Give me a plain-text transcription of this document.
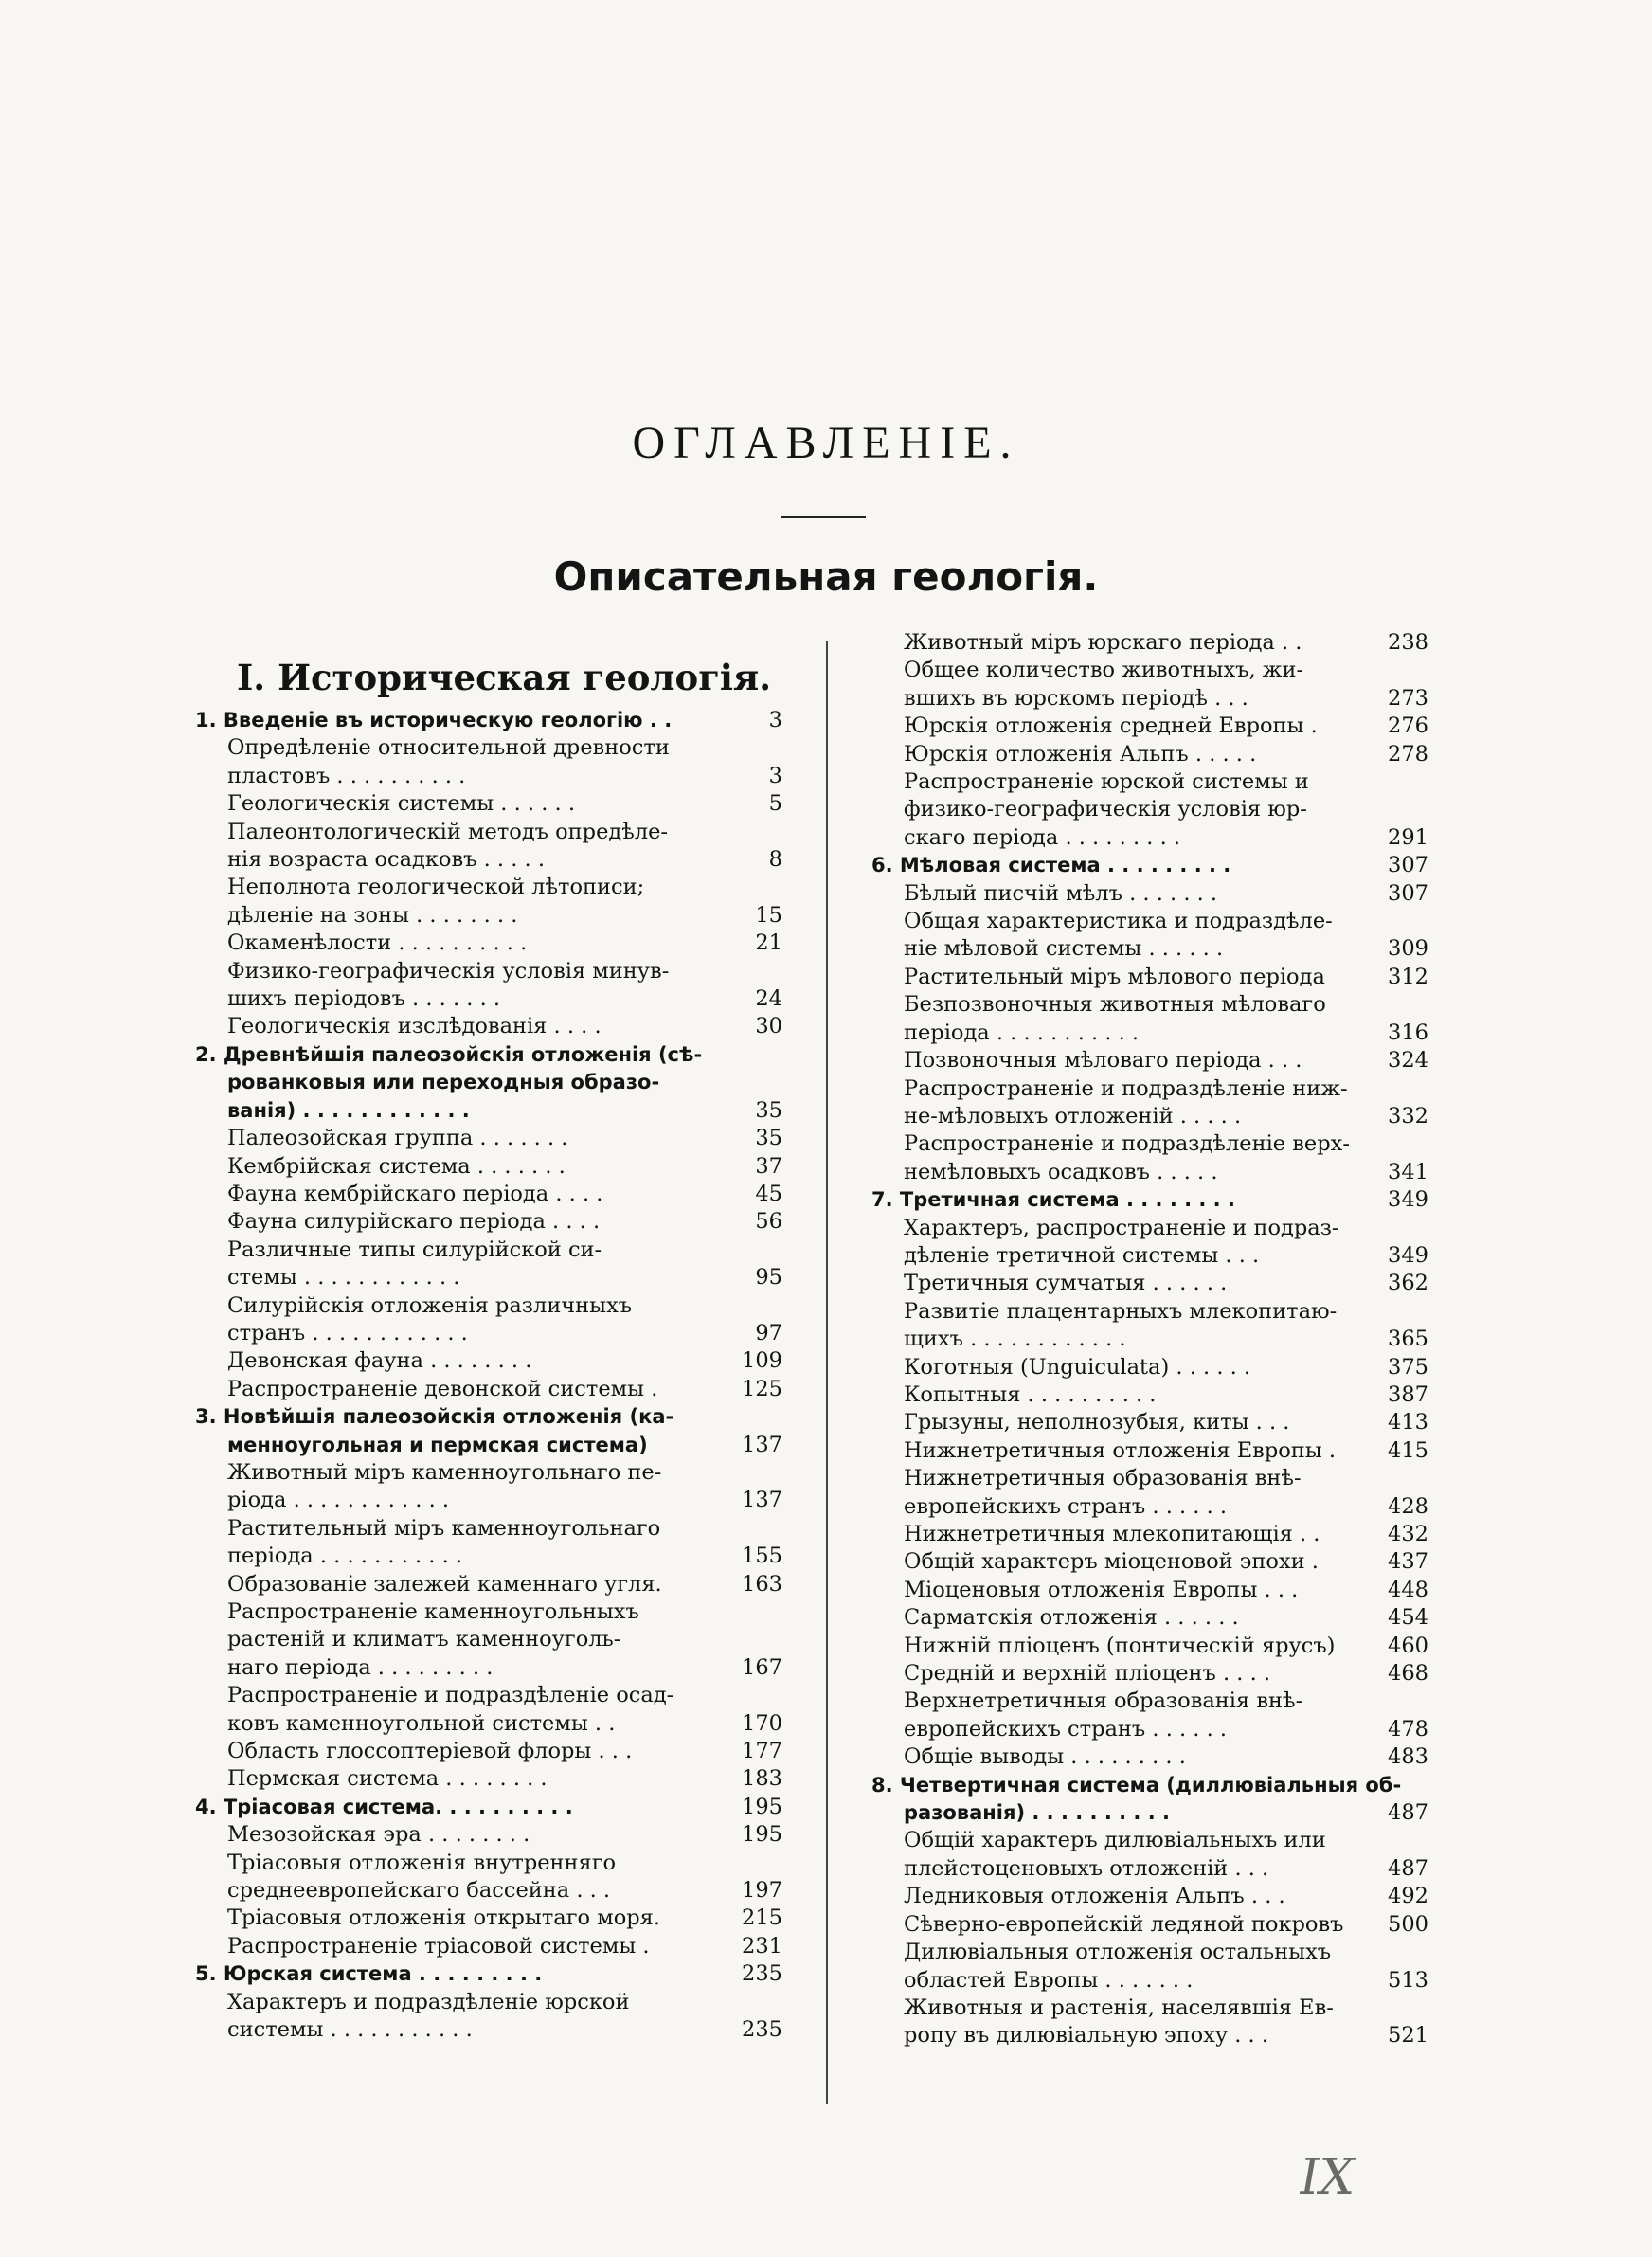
ОГЛАВЛЕНІЕ.
Описательная геологія.
I. Историческая геологія.
1. Введеніе въ историческую геологію . .	3
Опредѣленіе относительной древности
пластовъ . . . . . . . . . .	3
Геологическія системы . . . . . .	5
Палеонтологическій методъ опредѣле-
нія возраста осадковъ . . . . .	8
Неполнота геологической лѣтописи;
дѣленіе на зоны . . . . . . . .	15
Окаменѣлости . . . . . . . . . .	21
Физико-географическія условія минув-
шихъ періодовъ . . . . . . .	24
Геологическія изслѣдованія . . . .	30
2. Древнѣйшія палеозойскія отложенія (сѣ-
рованковыя или переходныя образо-
ванія) . . . . . . . . . . . .	35
Палеозойская группа . . . . . . .	35
Кембрійская система . . . . . . .	37
Фауна кембрійскаго періода . . . .	45
Фауна силурійскаго періода . . . .	56
Различные типы силурійской си-
стемы . . . . . . . . . . . .	95
Силурійскія отложенія различныхъ
странъ . . . . . . . . . . . .	97
Девонская фауна . . . . . . . .	109
Распространеніе девонской системы .	125
3. Новѣйшія палеозойскія отложенія (ка-
менноугольная и пермская система)	137
Животный міръ каменноугольнаго пе-
ріода . . . . . . . . . . . .	137
Растительный міръ каменноугольнаго
періода . . . . . . . . . . .	155
Образованіе залежей каменнаго угля.	163
Распространеніе каменноугольныхъ
растеній и климатъ каменноуголь-
наго періода . . . . . . . . .	167
Распространеніе и подраздѣленіе осад-
ковъ каменноугольной системы . .	170
Область глоссоптеріевой флоры . . .	177
Пермская система . . . . . . . .	183
4. Тріасовая система. . . . . . . . . .	195
Мезозойская эра . . . . . . . .	195
Тріасовыя отложенія внутренняго
среднеевропейскаго бассейна . . .	197
Тріасовыя отложенія открытаго моря.	215
Распространеніе тріасовой системы .	231
5. Юрская система . . . . . . . . .	235
Характеръ и подраздѣленіе юрской
системы . . . . . . . . . . .	235
Животный міръ юрскаго періода . .	238
Общее количество животныхъ, жи-
вшихъ въ юрскомъ періодѣ . . .	273
Юрскія отложенія средней Европы .	276
Юрскія отложенія Альпъ . . . . .	278
Распространеніе юрской системы и
физико-географическія условія юр-
скаго періода . . . . . . . . .	291
6. Мѣловая система . . . . . . . . .	307
Бѣлый писчій мѣлъ . . . . . . .	307
Общая характеристика и подраздѣле-
ніе мѣловой системы . . . . . .	309
Растительный міръ мѣлового періода	312
Безпозвоночныя животныя мѣловаго
періода . . . . . . . . . . .	316
Позвоночныя мѣловаго періода . . .	324
Распространеніе и подраздѣленіе ниж-
не-мѣловыхъ отложеній . . . . .	332
Распространеніе и подраздѣленіе верх-
немѣловыхъ осадковъ . . . . .	341
7. Третичная система . . . . . . . .	349
Характеръ, распространеніе и подраз-
дѣленіе третичной системы . . .	349
Третичныя сумчатыя . . . . . .	362
Развитіе плацентарныхъ млекопитаю-
щихъ . . . . . . . . . . . .	365
Коготныя (Unguiculata) . . . . . .	375
Копытныя . . . . . . . . . .	387
Грызуны, неполнозубыя, киты . . .	413
Нижнетретичныя отложенія Европы .	415
Нижнетретичныя образованія внѣ-
европейскихъ странъ . . . . . .	428
Нижнетретичныя млекопитающія . .	432
Общій характеръ міоценовой эпохи .	437
Міоценовыя отложенія Европы . . .	448
Сарматскія отложенія . . . . . .	454
Нижній пліоценъ (понтическій ярусъ)	460
Средній и верхній пліоценъ . . . .	468
Верхнетретичныя образованія внѣ-
европейскихъ странъ . . . . . .	478
Общіе выводы . . . . . . . . .	483
8. Четвертичная система (диллювіальныя об-
разованія) . . . . . . . . . .	487
Общій характеръ дилювіальныхъ или
плейстоценовыхъ отложеній . . .	487
Ледниковыя отложенія Альпъ . . .	492
Сѣверно-европейскій ледяной покровъ	500
Дилювіальныя отложенія остальныхъ
областей Европы . . . . . . .	513
Животныя и растенія, населявшія Ев-
ропу въ дилювіальную эпоху . . .	521
IX
